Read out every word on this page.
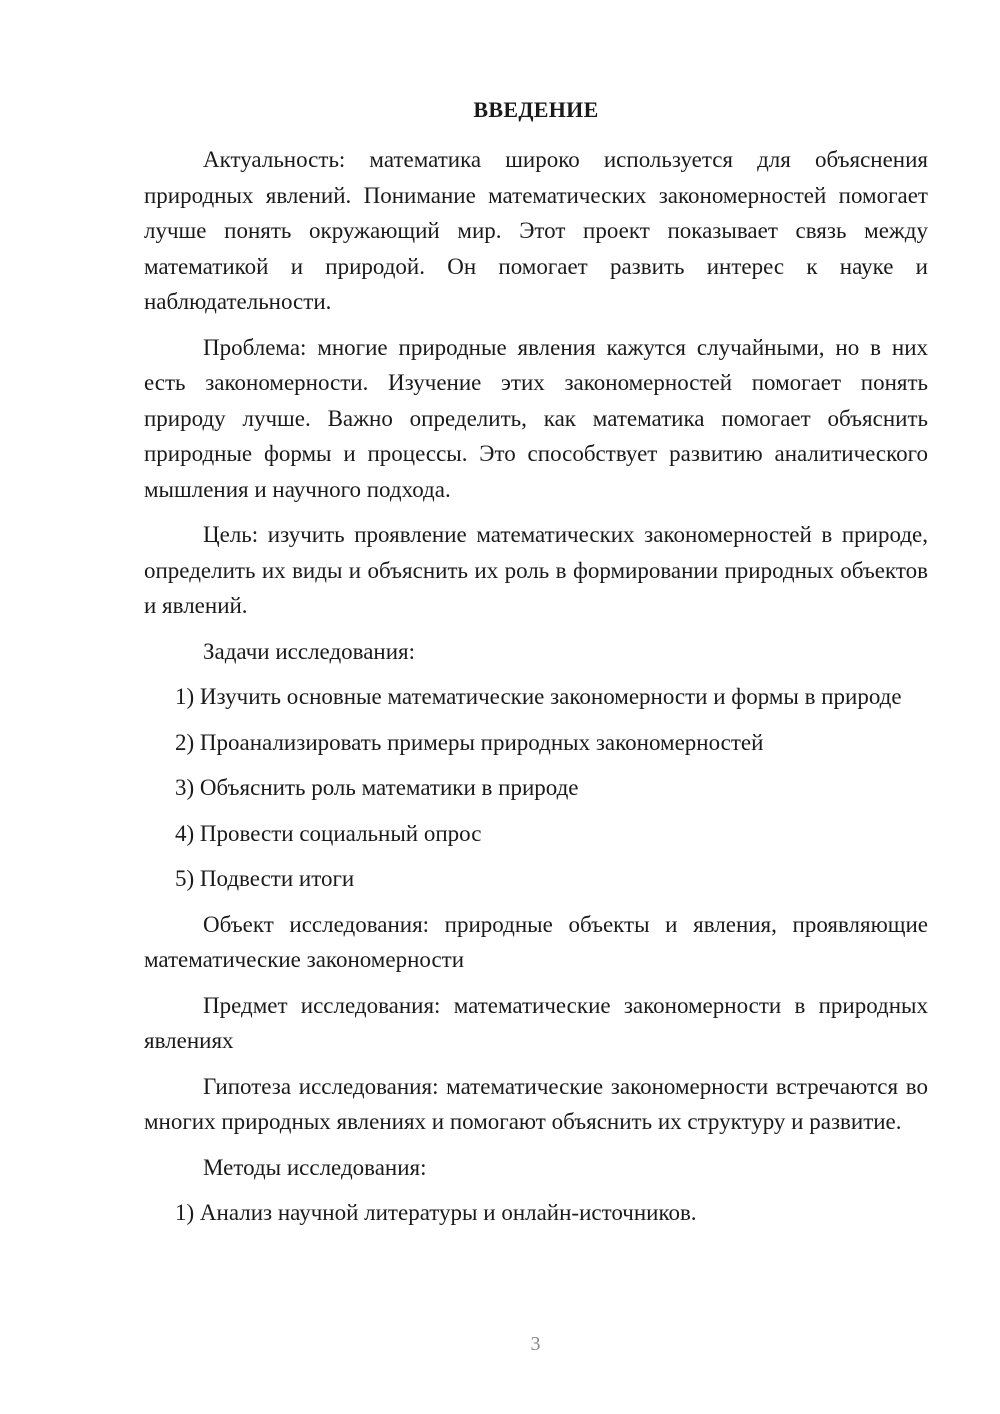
ВВЕДЕНИЕ

Актуальность: математика широко используется для объяснения природных явлений. Понимание математических закономерностей помогает лучше понять окружающий мир. Этот проект показывает связь между математикой и природой. Он помогает развить интерес к науке и наблюдательности.

Проблема: многие природные явления кажутся случайными, но в них есть закономерности. Изучение этих закономерностей помогает понять природу лучше. Важно определить, как математика помогает объяснить природные формы и процессы. Это способствует развитию аналитического мышления и научного подхода.

Цель: изучить проявление математических закономерностей в природе, определить их виды и объяснить их роль в формировании природных объектов и явлений.

Задачи исследования:

1) Изучить основные математические закономерности и формы в природе

2) Проанализировать примеры природных закономерностей

3) Объяснить роль математики в природе

4) Провести социальный опрос

5) Подвести итоги

Объект исследования: природные объекты и явления, проявляющие математические закономерности

Предмет исследования: математические закономерности в природных явлениях

Гипотеза исследования: математические закономерности встречаются во многих природных явлениях и помогают объяснить их структуру и развитие.

Методы исследования:

1) Анализ научной литературы и онлайн-источников.

3
